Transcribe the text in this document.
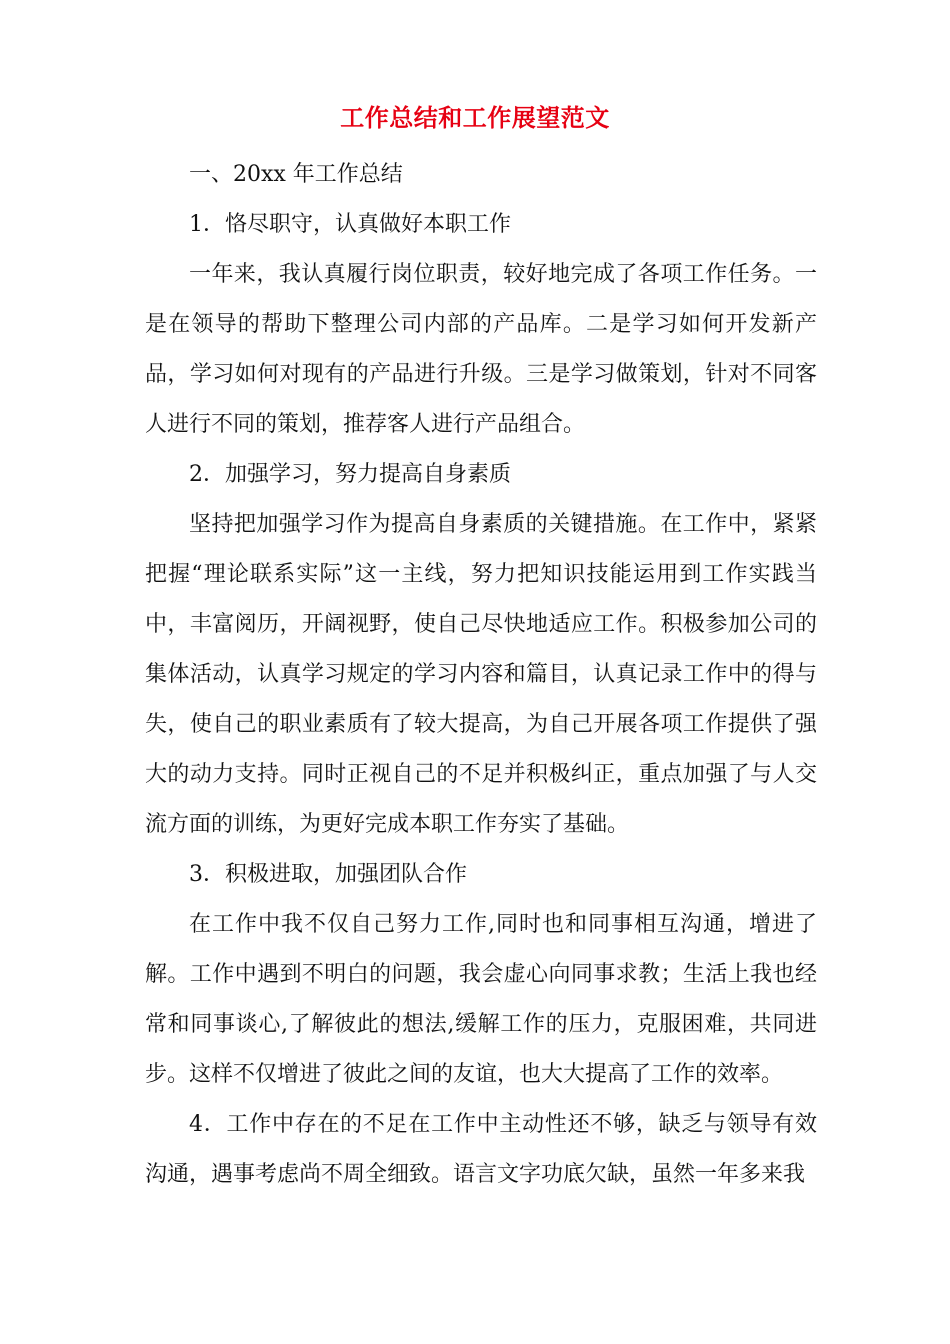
工作总结和工作展望范文

一、20xx 年工作总结

1．恪尽职守，认真做好本职工作

一年来，我认真履行岗位职责，较好地完成了各项工作任务。一是在领导的帮助下整理公司内部的产品库。二是学习如何开发新产品，学习如何对现有的产品进行升级。三是学习做策划，针对不同客人进行不同的策划，推荐客人进行产品组合。

2．加强学习，努力提高自身素质

坚持把加强学习作为提高自身素质的关键措施。在工作中，紧紧把握“理论联系实际”这一主线，努力把知识技能运用到工作实践当中，丰富阅历，开阔视野，使自己尽快地适应工作。积极参加公司的集体活动，认真学习规定的学习内容和篇目，认真记录工作中的得与失，使自己的职业素质有了较大提高，为自己开展各项工作提供了强大的动力支持。同时正视自己的不足并积极纠正，重点加强了与人交流方面的训练，为更好完成本职工作夯实了基础。

3．积极进取，加强团队合作

在工作中我不仅自己努力工作,同时也和同事相互沟通，增进了解。工作中遇到不明白的问题，我会虚心向同事求教；生活上我也经常和同事谈心,了解彼此的想法,缓解工作的压力，克服困难，共同进步。这样不仅增进了彼此之间的友谊，也大大提高了工作的效率。

4．工作中存在的不足在工作中主动性还不够，缺乏与领导有效沟通，遇事考虑尚不周全细致。语言文字功底欠缺，虽然一年多来我
